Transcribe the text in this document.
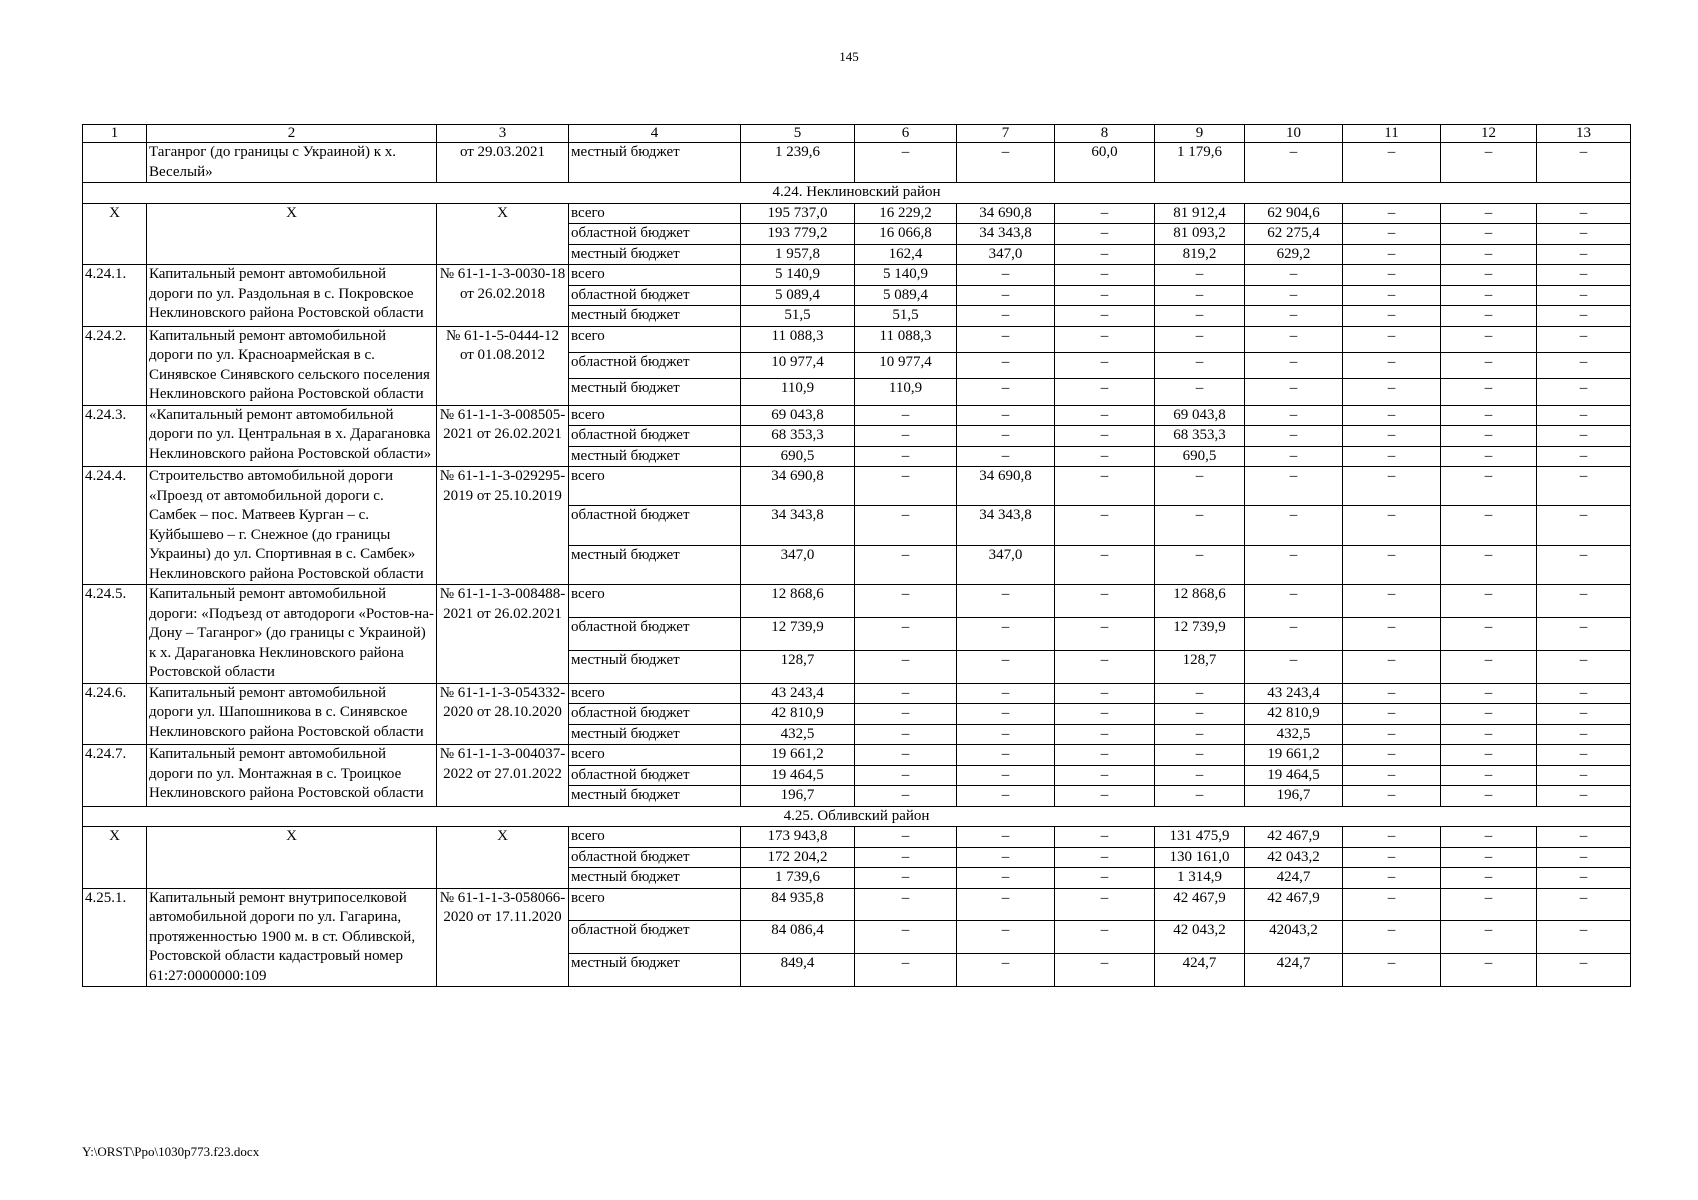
145
1	2	3	4	5	6	7	8	9	10	11	12	13
	Таганрог (до границы с Украиной) к х. Веселый»	от 29.03.2021	местный бюджет	1 239,6	–	–	60,0	1 179,6	–	–	–	–
4.24. Неклиновский район												
Х	Х	Х	всего	195 737,0	16 229,2	34 690,8	–	81 912,4	62 904,6	–	–	–
			областной бюджет	193 779,2	16 066,8	34 343,8	–	81 093,2	62 275,4	–	–	–
			местный бюджет	1 957,8	162,4	347,0	–	819,2	629,2	–	–	–
4.24.1.	Капитальный ремонт автомобильной дороги по ул. Раздольная в с. Покровское Неклиновского района Ростовской области	№ 61-1-1-3-0030-18 от 26.02.2018	всего	5 140,9	5 140,9	–	–	–	–	–	–	–
			областной бюджет	5 089,4	5 089,4	–	–	–	–	–	–	–
			местный бюджет	51,5	51,5	–	–	–	–	–	–	–
4.24.2.	Капитальный ремонт автомобильной дороги по ул. Красноармейская в с. Синявское Синявского сельского поселения Неклиновского района Ростовской области	№ 61-1-5-0444-12 от 01.08.2012	всего	11 088,3	11 088,3	–	–	–	–	–	–	–
			областной бюджет	10 977,4	10 977,4	–	–	–	–	–	–	–
			местный бюджет	110,9	110,9	–	–	–	–	–	–	–
4.24.3.	«Капитальный ремонт автомобильной дороги по ул. Центральная в х. Дарагановка Неклиновского района Ростовской области»	№ 61-1-1-3-008505-2021 от 26.02.2021	всего	69 043,8	–	–	–	69 043,8	–	–	–	–
			областной бюджет	68 353,3	–	–	–	68 353,3	–	–	–	–
			местный бюджет	690,5	–	–	–	690,5	–	–	–	–
4.24.4.	Строительство автомобильной дороги «Проезд от автомобильной дороги с. Самбек – пос. Матвеев Курган – с. Куйбышево – г. Снежное (до границы Украины) до ул. Спортивная в с. Самбек» Неклиновского района Ростовской области	№ 61-1-1-3-029295-2019 от 25.10.2019	всего	34 690,8	–	34 690,8	–	–	–	–	–	–
			областной бюджет	34 343,8	–	34 343,8	–	–	–	–	–	–
			местный бюджет	347,0	–	347,0	–	–	–	–	–	–
4.24.5.	Капитальный ремонт автомобильной дороги: «Подъезд от автодороги «Ростов-на-Дону – Таганрог» (до границы с Украиной) к х. Дарагановка Неклиновского района Ростовской области	№ 61-1-1-3-008488-2021 от 26.02.2021	всего	12 868,6	–	–	–	12 868,6	–	–	–	–
			областной бюджет	12 739,9	–	–	–	12 739,9	–	–	–	–
			местный бюджет	128,7	–	–	–	128,7	–	–	–	–
4.24.6.	Капитальный ремонт автомобильной дороги ул. Шапошникова в с. Синявское Неклиновского района Ростовской области	№ 61-1-1-3-054332-2020 от 28.10.2020	всего	43 243,4	–	–	–	–	43 243,4	–	–	–
			областной бюджет	42 810,9	–	–	–	–	42 810,9	–	–	–
			местный бюджет	432,5	–	–	–	–	432,5	–	–	–
4.24.7.	Капитальный ремонт автомобильной дороги по ул. Монтажная в с. Троицкое Неклиновского района Ростовской области	№ 61-1-1-3-004037-2022 от 27.01.2022	всего	19 661,2	–	–	–	–	19 661,2	–	–	–
			областной бюджет	19 464,5	–	–	–	–	19 464,5	–	–	–
			местный бюджет	196,7	–	–	–	–	196,7	–	–	–
4.25. Обливский район												
Х	Х	Х	всего	173 943,8	–	–	–	131 475,9	42 467,9	–	–	–
			областной бюджет	172 204,2	–	–	–	130 161,0	42 043,2	–	–	–
			местный бюджет	1 739,6	–	–	–	1 314,9	424,7	–	–	–
4.25.1.	Капитальный ремонт внутрипоселковой автомобильной дороги по ул. Гагарина, протяженностью 1900 м. в ст. Обливской, Ростовской области кадастровый номер 61:27:0000000:109	№ 61-1-1-3-058066-2020 от 17.11.2020	всего	84 935,8	–	–	–	42 467,9	42 467,9	–	–	–
			областной бюджет	84 086,4	–	–	–	42 043,2	42043,2	–	–	–
			местный бюджет	849,4	–	–	–	424,7	424,7	–	–	–
Y:\ORST\Ppo\1030p773.f23.docx
